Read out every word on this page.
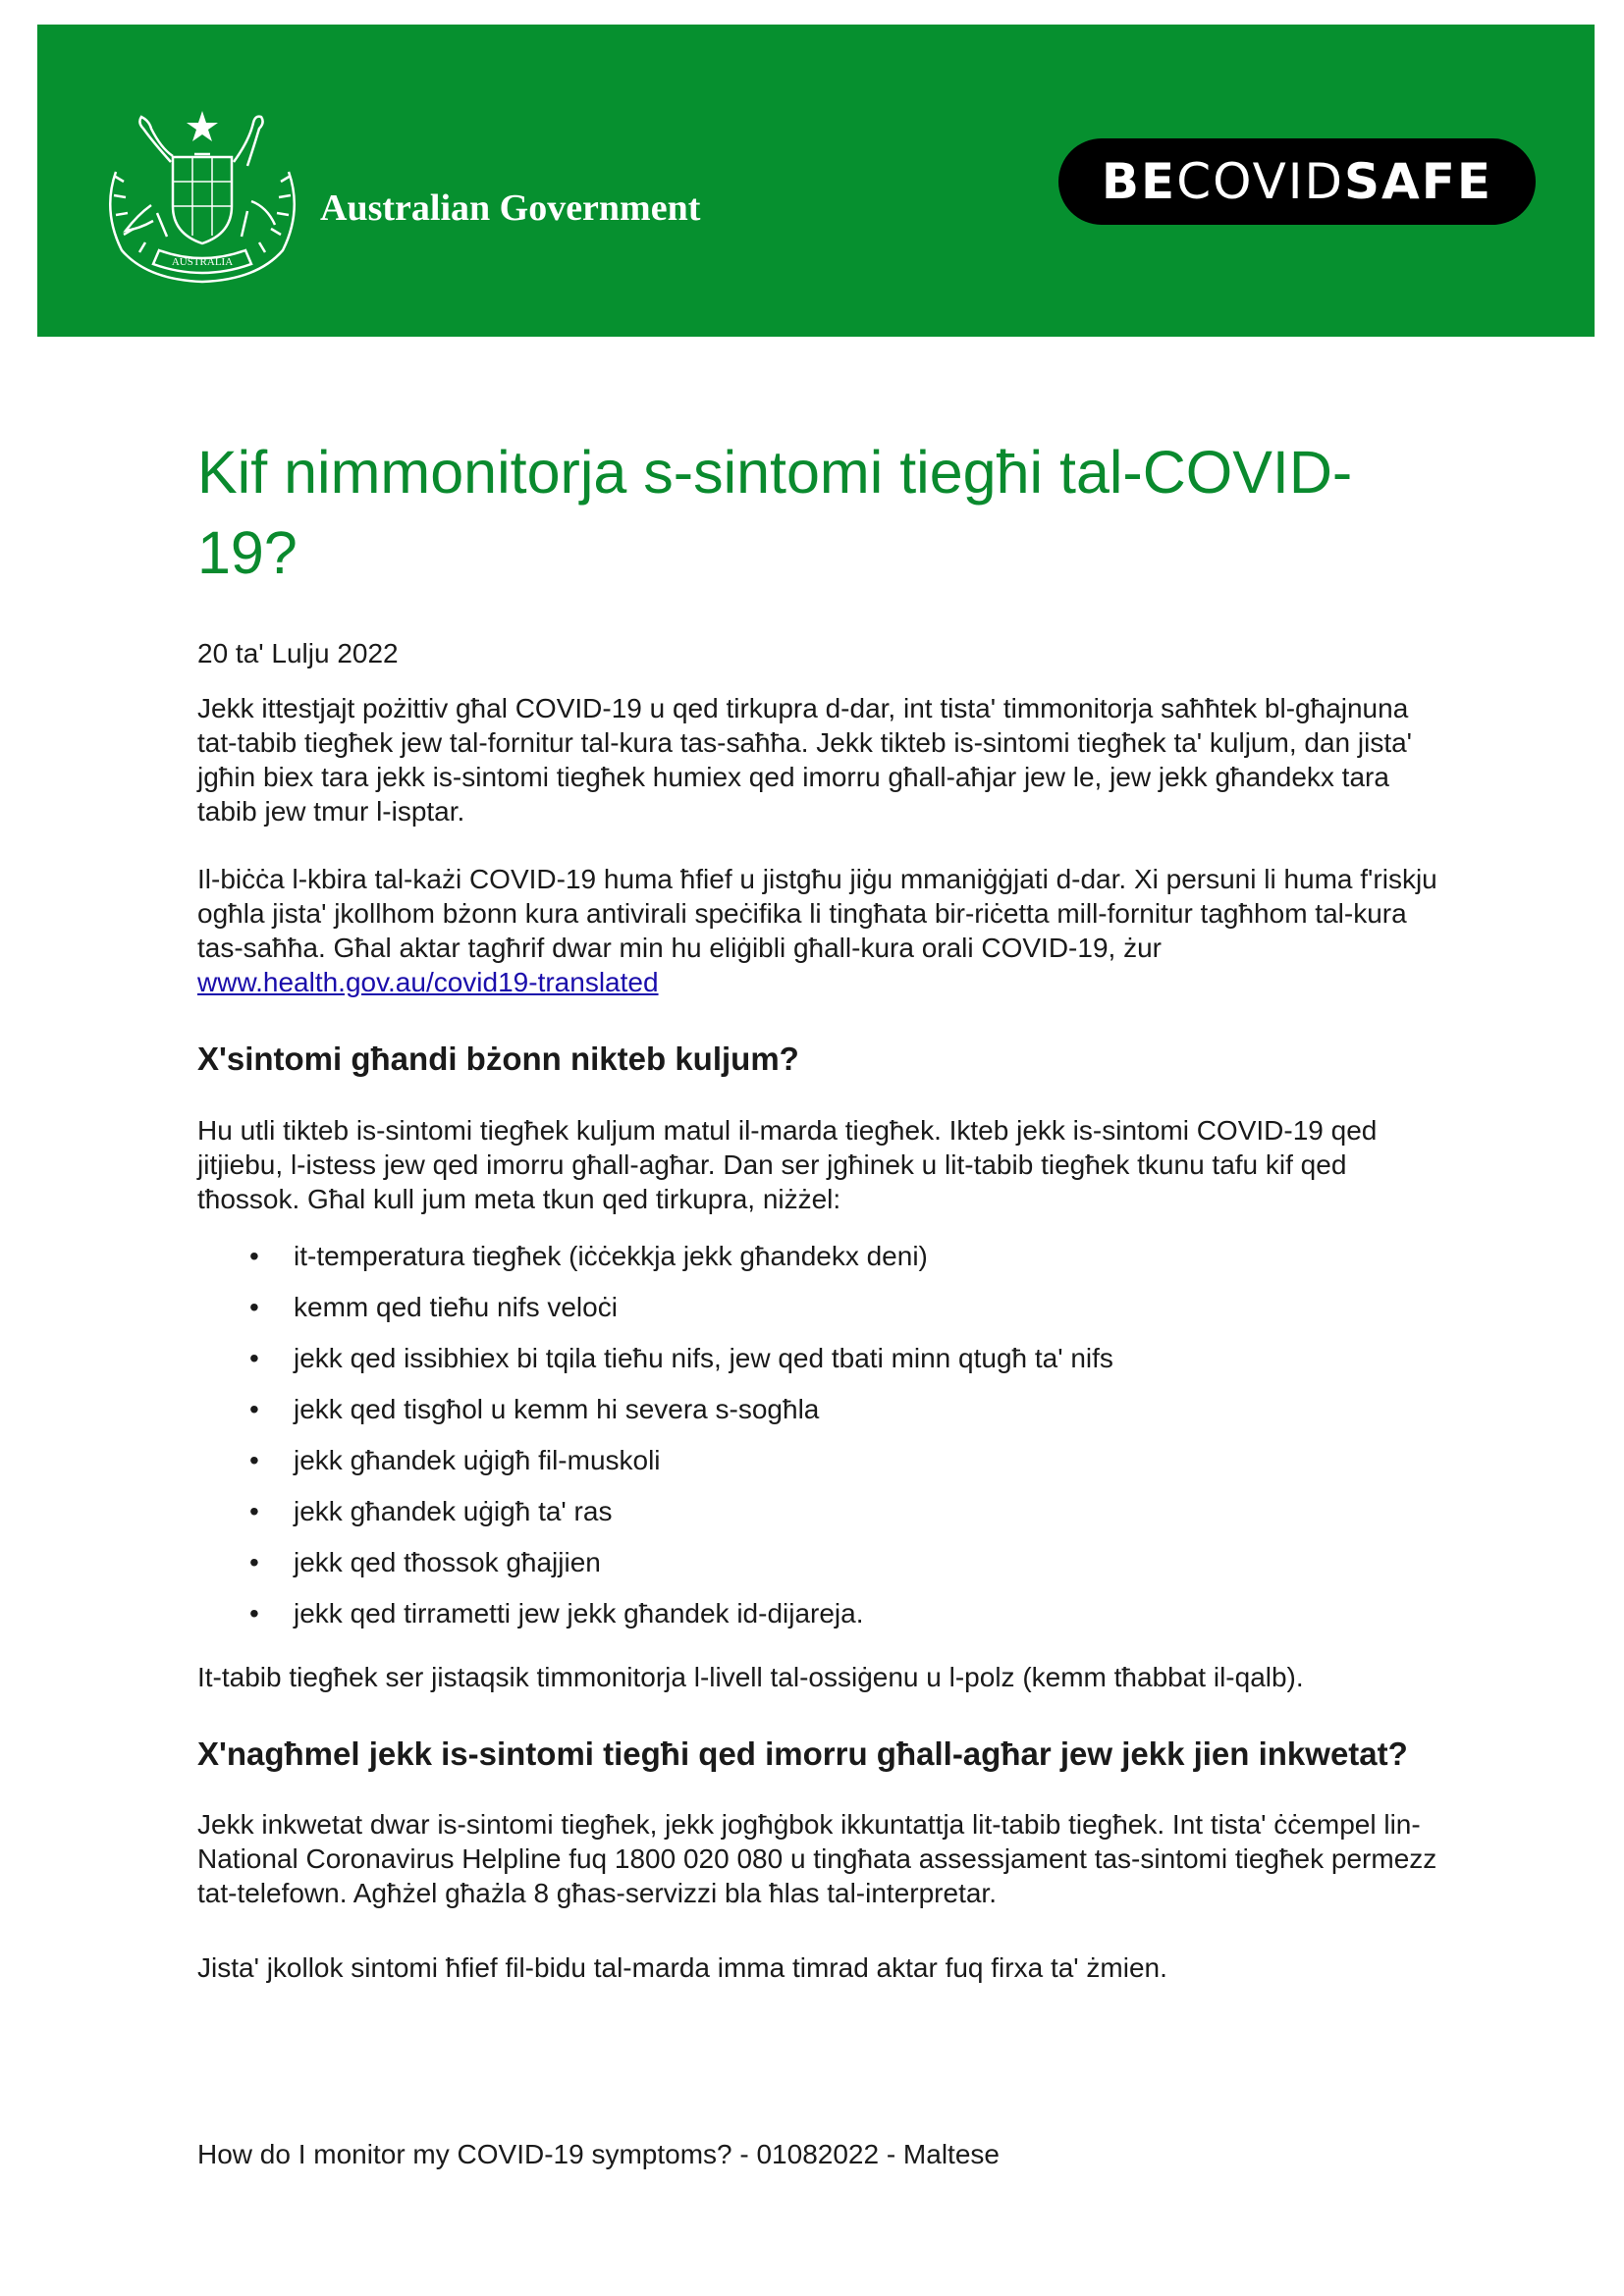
AUSTRALIA
Australian Government	BE COVID SAFE
Kif nimmonitorja s-sintomi tiegħi tal-COVID-19?
20 ta' Lulju 2022

Jekk ittestjajt pożittiv għal COVID-19 u qed tirkupra d-dar, int tista' timmonitorja saħħtek bl-għajnuna tat-tabib tiegħek jew tal-fornitur tal-kura tas-saħħa. Jekk tikteb is-sintomi tiegħek ta' kuljum, dan jista' jgħin biex tara jekk is-sintomi tiegħek humiex qed imorru għall-aħjar jew le, jew jekk għandekx tara tabib jew tmur l-isptar.

Il-biċċa l-kbira tal-każi COVID-19 huma ħfief u jistgħu jiġu mmaniġġjati d-dar. Xi persuni li huma f'riskju ogħla jista' jkollhom bżonn kura antivirali speċifika li tingħata bir-riċetta mill-fornitur tagħhom tal-kura tas-saħħa. Għal aktar tagħrif dwar min hu eliġibli għall-kura orali COVID-19, żur www.health.gov.au/covid19-translated

X'sintomi għandi bżonn nikteb kuljum?

Hu utli tikteb is-sintomi tiegħek kuljum matul il-marda tiegħek. Ikteb jekk is-sintomi COVID-19 qed jitjiebu, l-istess jew qed imorru għall-agħar. Dan ser jgħinek u lit-tabib tiegħek tkunu tafu kif qed tħossok. Għal kull jum meta tkun qed tirkupra, niżżel:

• it-temperatura tiegħek (iċċekkja jekk għandekx deni)
• kemm qed tieħu nifs veloċi
• jekk qed issibhiex bi tqila tieħu nifs, jew qed tbati minn qtugħ ta' nifs
• jekk qed tisgħol u kemm hi severa s-sogħla
• jekk għandek uġigħ fil-muskoli
• jekk għandek uġigħ ta' ras
• jekk qed tħossok għajjien
• jekk qed tirrametti jew jekk għandek id-dijareja.

It-tabib tiegħek ser jistaqsik timmonitorja l-livell tal-ossiġenu u l-polz (kemm tħabbat il-qalb).

X'nagħmel jekk is-sintomi tiegħi qed imorru għall-agħar jew jekk jien inkwetat?

Jekk inkwetat dwar is-sintomi tiegħek, jekk jogħġbok ikkuntattja lit-tabib tiegħek. Int tista' ċċempel lin-National Coronavirus Helpline fuq 1800 020 080 u tingħata assessjament tas-sintomi tiegħek permezz tat-telefown. Agħżel għażla 8 għas-servizzi bla ħlas tal-interpretar.

Jista' jkollok sintomi ħfief fil-bidu tal-marda imma timrad aktar fuq firxa ta' żmien.

How do I monitor my COVID-19 symptoms? - 01082022 - Maltese
